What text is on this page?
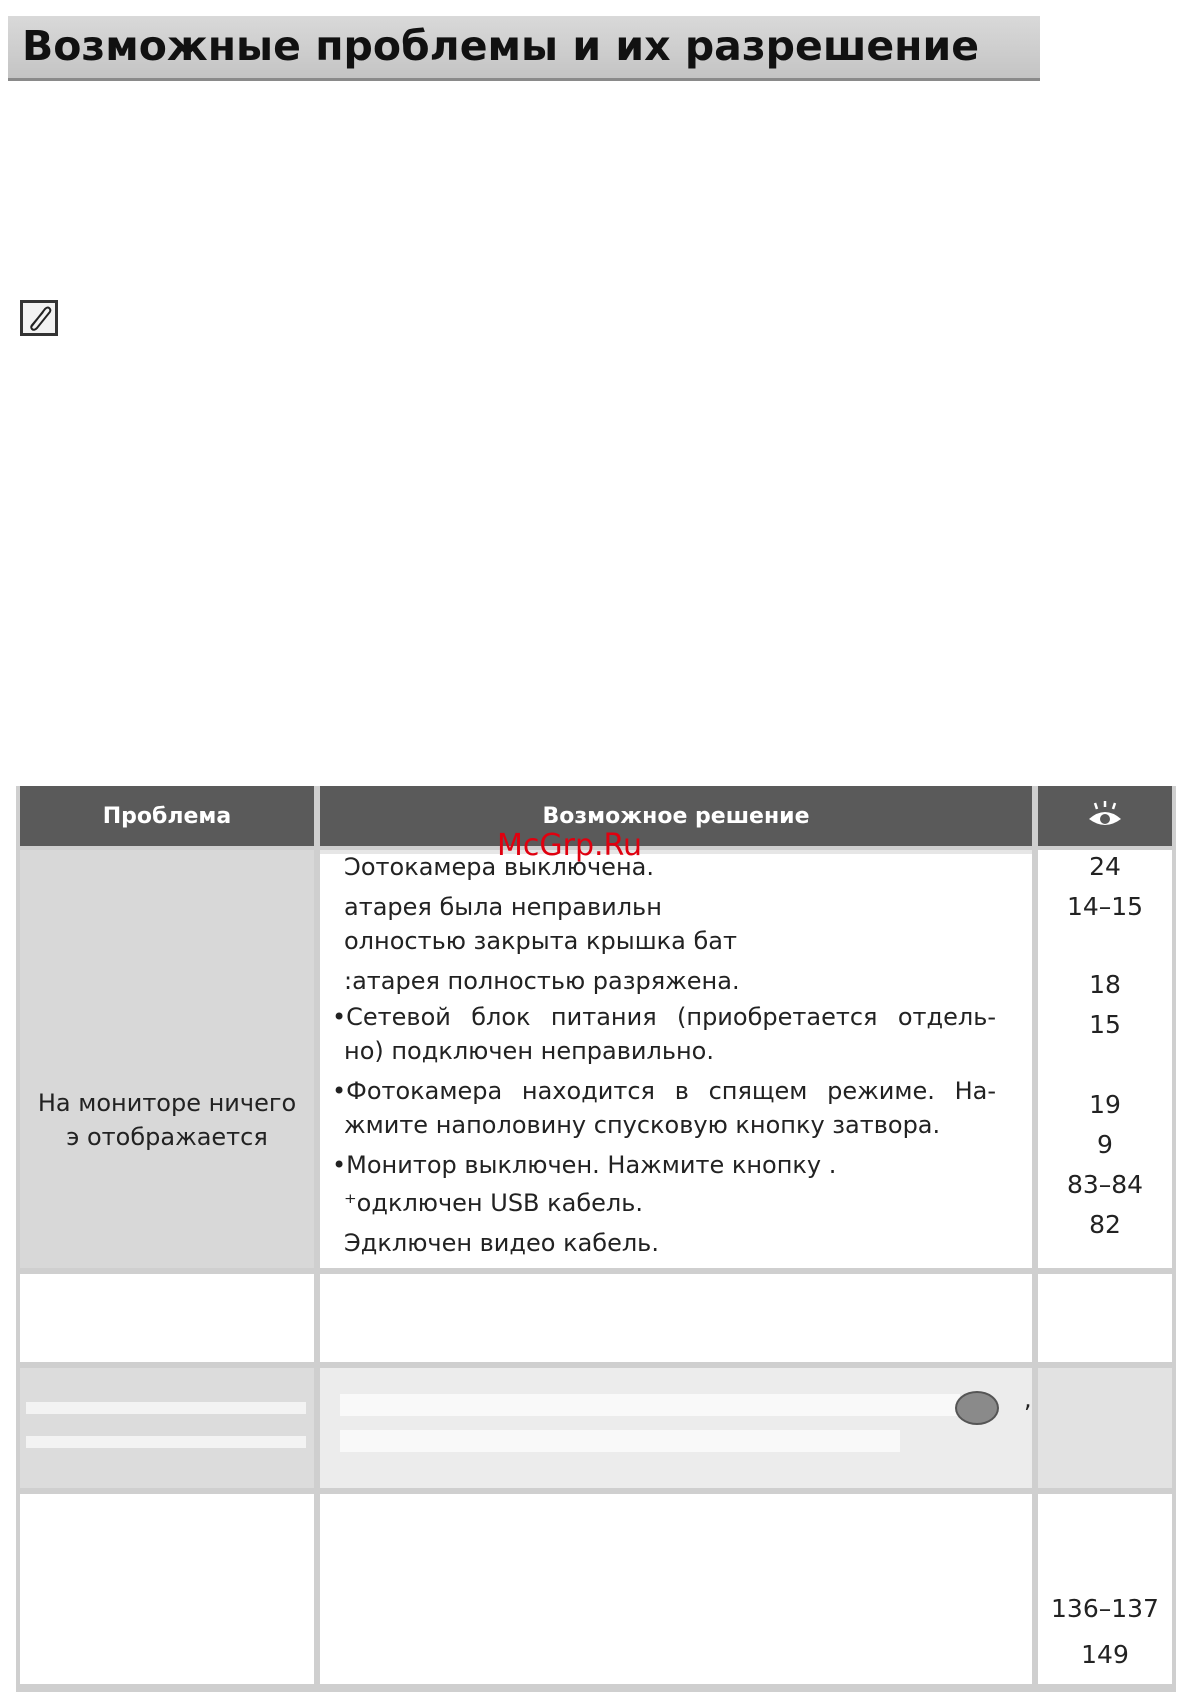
Возможные проблемы и их разрешение
Проблема	Возможное решение
На мониторе ничего
э отображается
Ɔотокамера выключена.
атарея была неправильн
олностью закрыта крышка бат
:атарея полностью разряжена.
•Сетевой блок питания (приобретается отдель-
но) подключен неправильно.
•Фотокамера находится в спящем режиме. На-
жмите наполовину спусковую кнопку затвора.
•Монитор выключен. Нажмите кнопку .
⁺одключен USB кабель.
Эдключен видео кабель.
24
14–15
18
15
19
9
83–84
82
,
136–137
149
McGrp.Ru
